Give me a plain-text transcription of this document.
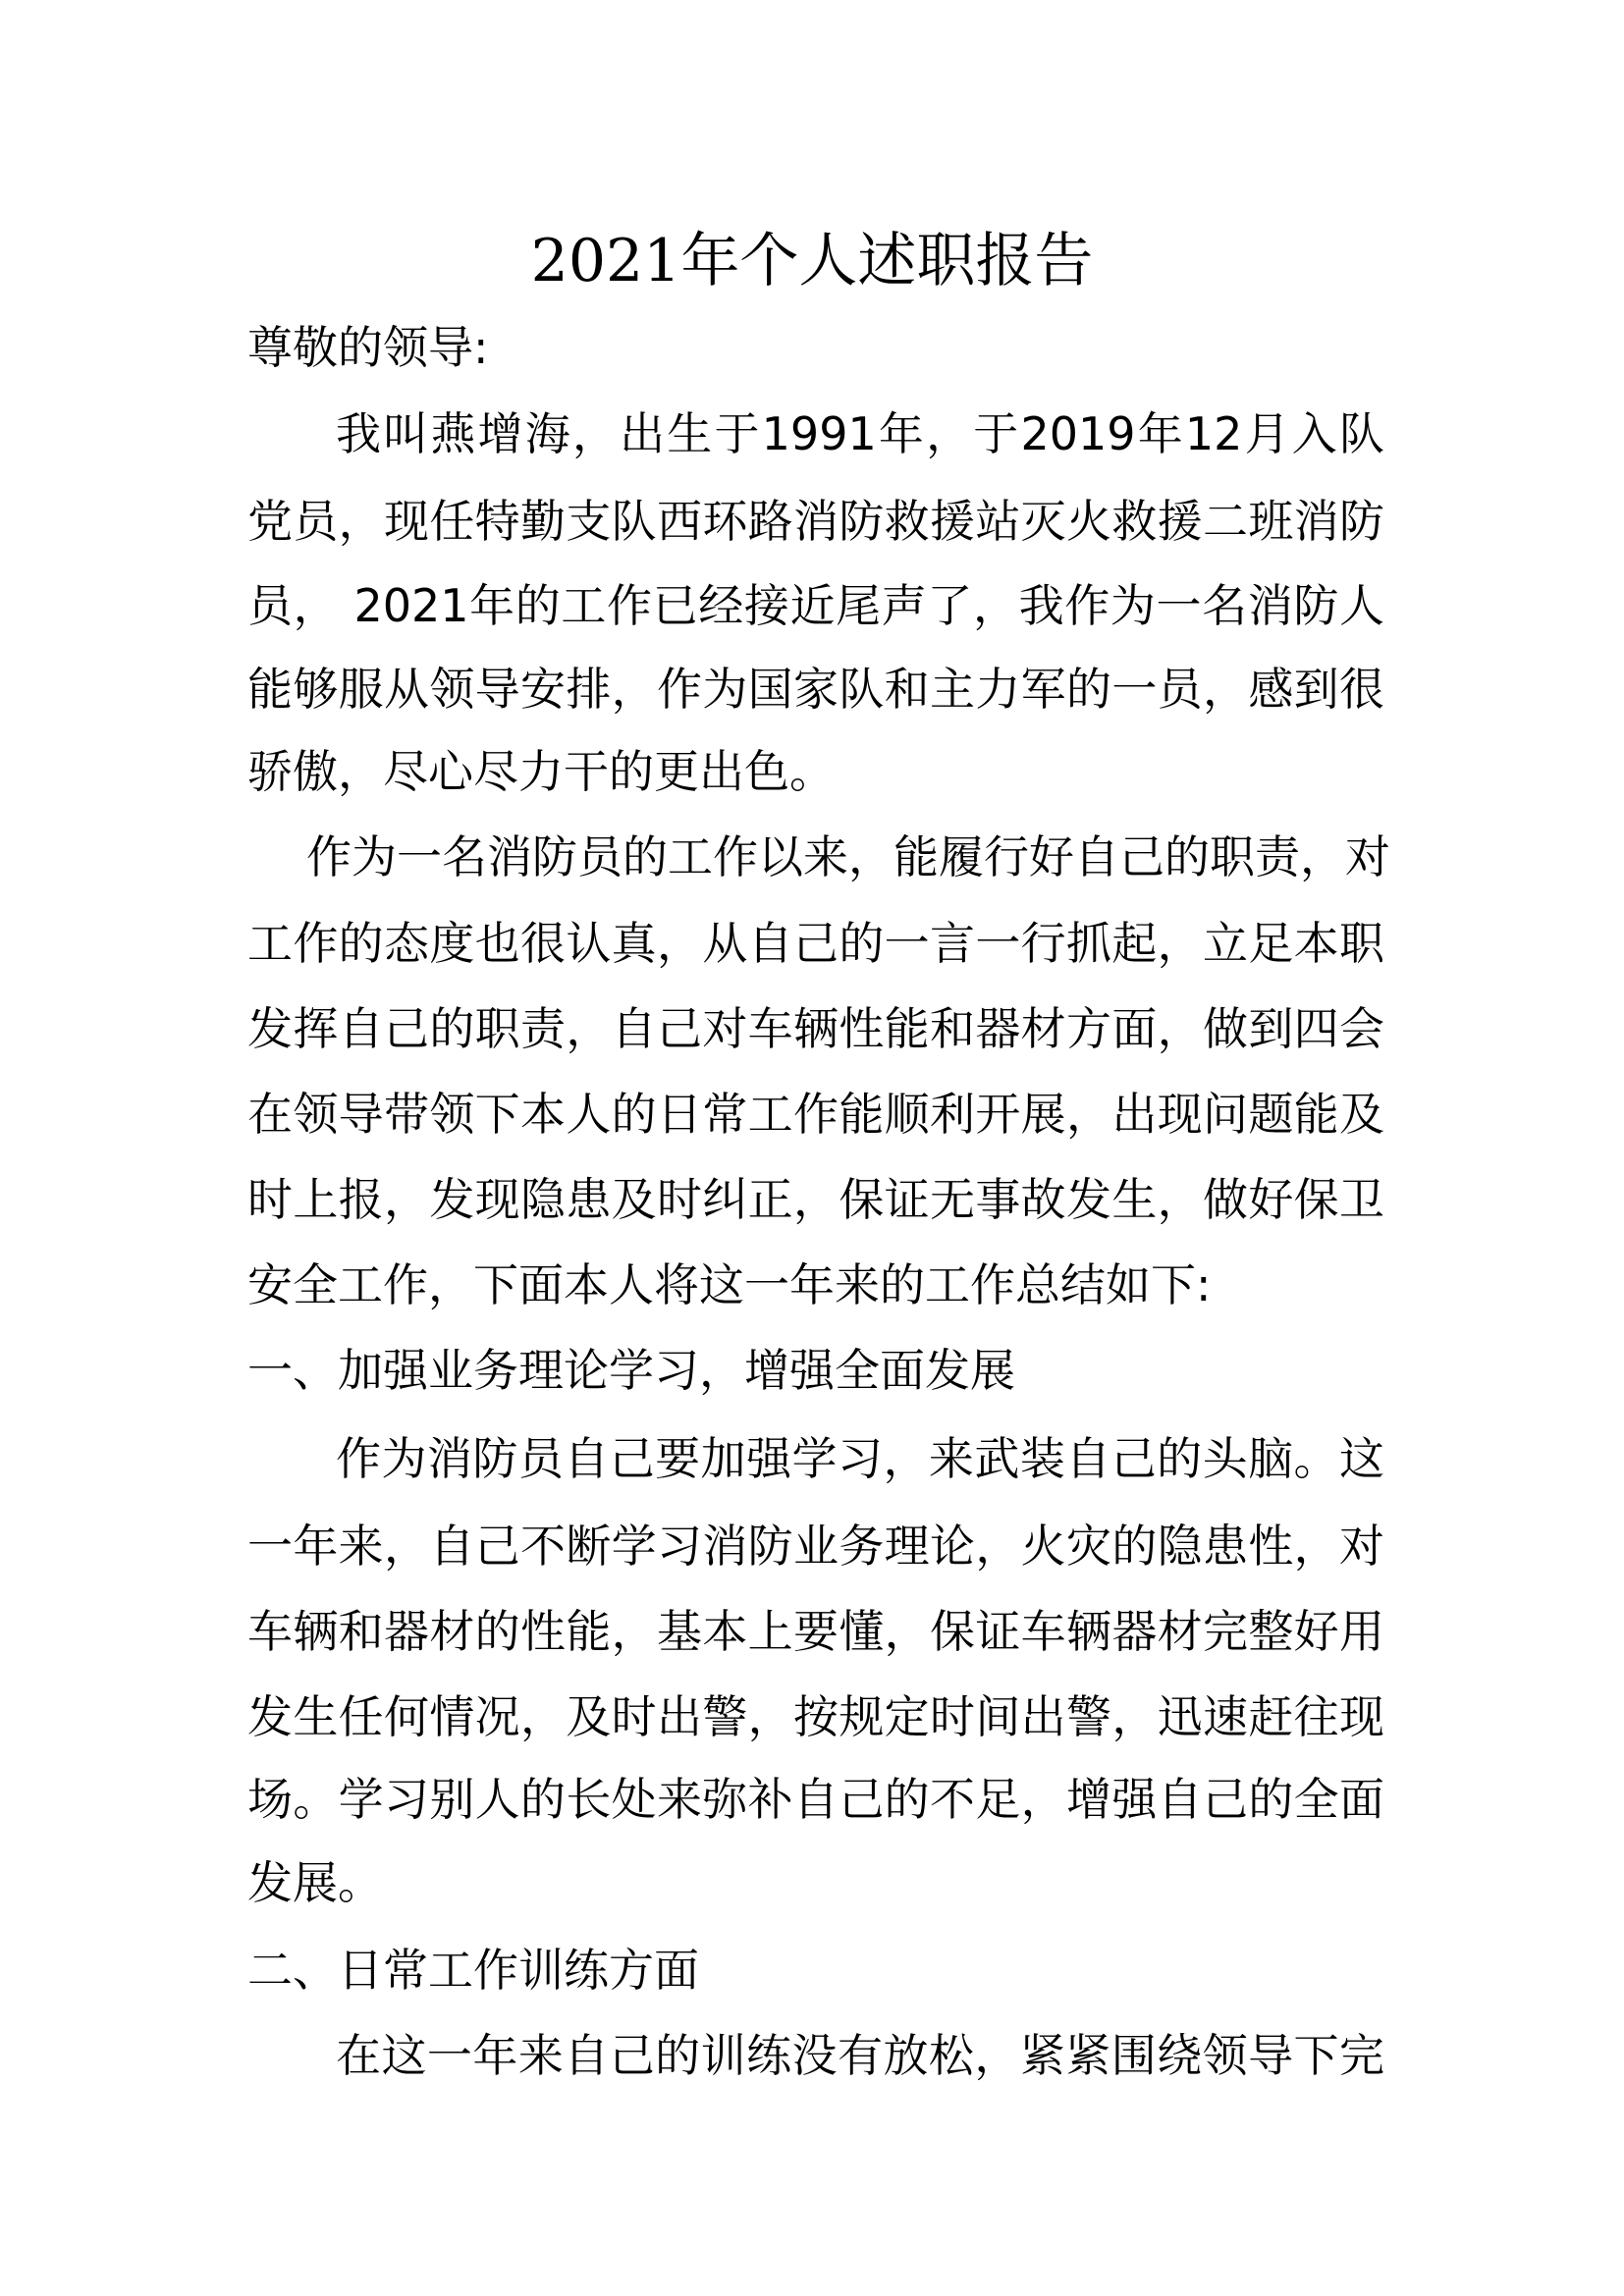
2021年个人述职报告
尊敬的领导:
我叫燕增海，出生于1991年，于2019年12月入队
党员，现任特勤支队西环路消防救援站灭火救援二班消防
员， 2021年的工作已经接近尾声了，我作为一名消防人
能够服从领导安排，作为国家队和主力军的一员，感到很
骄傲，尽心尽力干的更出色。
作为一名消防员的工作以来，能履行好自己的职责，对
工作的态度也很认真，从自己的一言一行抓起，立足本职
发挥自己的职责，自己对车辆性能和器材方面，做到四会
在领导带领下本人的日常工作能顺利开展，出现问题能及
时上报，发现隐患及时纠正，保证无事故发生，做好保卫
安全工作，下面本人将这一年来的工作总结如下:
一、加强业务理论学习，增强全面发展
作为消防员自己要加强学习，来武装自己的头脑。这
一年来，自己不断学习消防业务理论，火灾的隐患性，对
车辆和器材的性能，基本上要懂，保证车辆器材完整好用
发生任何情况，及时出警，按规定时间出警，迅速赶往现
场。学习别人的长处来弥补自己的不足，增强自己的全面
发展。
二、日常工作训练方面
在这一年来自己的训练没有放松，紧紧围绕领导下完
